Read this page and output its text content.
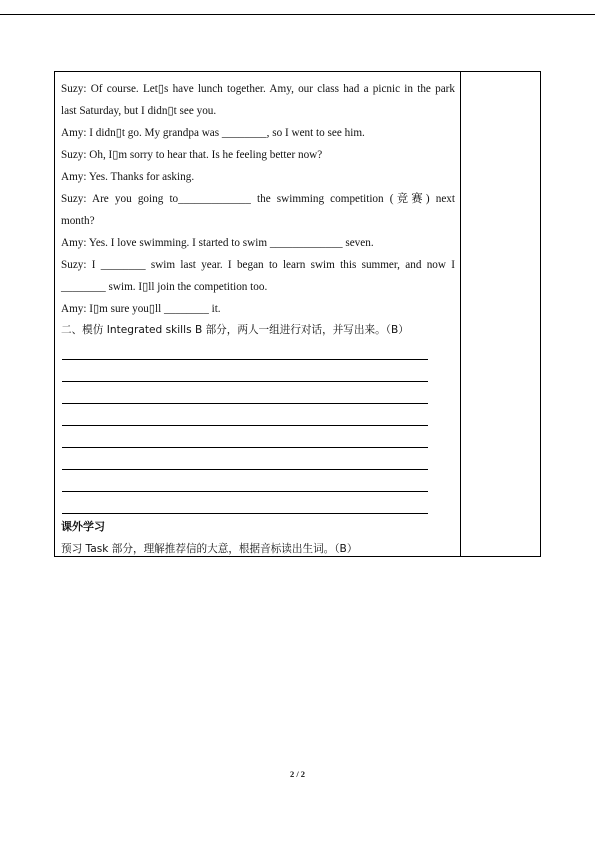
Suzy: Of course. Let▯s have lunch together. Amy, our class had a picnic in the park
last Saturday, but I didn▯t see you.
Amy: I didn▯t go. My grandpa was ________, so I went to see him.
Suzy: Oh, I▯m sorry to hear that. Is he feeling better now?
Amy: Yes. Thanks for asking.
Suzy: Are you going to_____________ the swimming competition (竞赛) next
month?
Amy: Yes. I love swimming. I started to swim _____________ seven.
Suzy: I ________ swim last year. I began to learn swim this summer, and now I
________ swim. I▯ll join the competition too.
Amy: I▯m sure you▯ll ________ it.
二、模仿 Integrated skills B 部分，两人一组进行对话，并写出来。（B）
课外学习
预习 Task 部分，理解推荐信的大意，根据音标读出生词。（B）
2 / 2
